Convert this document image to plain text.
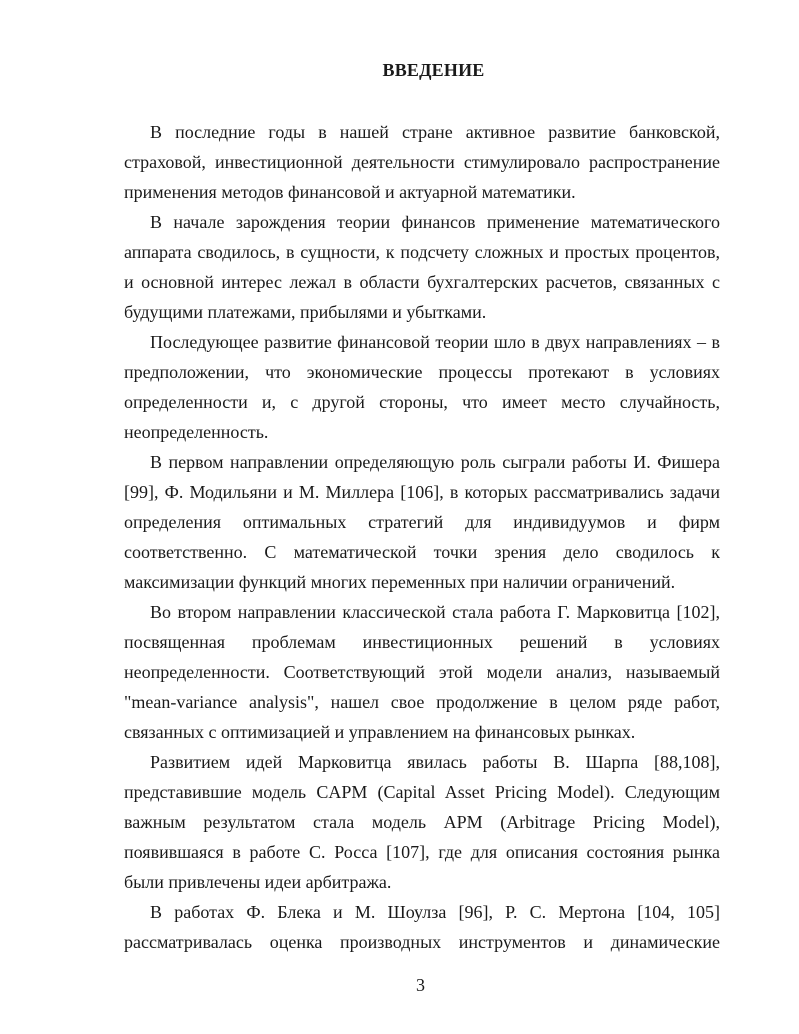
ВВЕДЕНИЕ

В последние годы в нашей стране активное развитие банковской, страховой, инвестиционной деятельности стимулировало распространение применения методов финансовой и актуарной математики.

В начале зарождения теории финансов применение математического аппарата сводилось, в сущности, к подсчету сложных и простых процентов, и основной интерес лежал в области бухгалтерских расчетов, связанных с будущими платежами, прибылями и убытками.

Последующее развитие финансовой теории шло в двух направлениях – в предположении, что экономические процессы протекают в условиях определенности и, с другой стороны, что имеет место случайность, неопределенность.

В первом направлении определяющую роль сыграли работы И. Фишера [99], Ф. Модильяни и М. Миллера [106], в которых рассматривались задачи определения оптимальных стратегий для индивидуумов и фирм соответственно. С математической точки зрения дело сводилось к максимизации функций многих переменных при наличии ограничений.

Во втором направлении классической стала работа Г. Марковитца [102], посвященная проблемам инвестиционных решений в условиях неопределенности. Соответствующий этой модели анализ, называемый "mean-variance analysis", нашел свое продолжение в целом ряде работ, связанных с оптимизацией и управлением на финансовых рынках.

Развитием идей Марковитца явилась работы В. Шарпа [88,108], представившие модель CAPM (Capital Asset Pricing Model). Следующим важным результатом стала модель APM (Arbitrage Pricing Model), появившаяся в работе С. Росса [107], где для описания состояния рынка были привлечены идеи арбитража.

В работах Ф. Блека и М. Шоулза [96], Р. С. Мертона [104, 105] рассматривалась оценка производных инструментов и динамические

3
